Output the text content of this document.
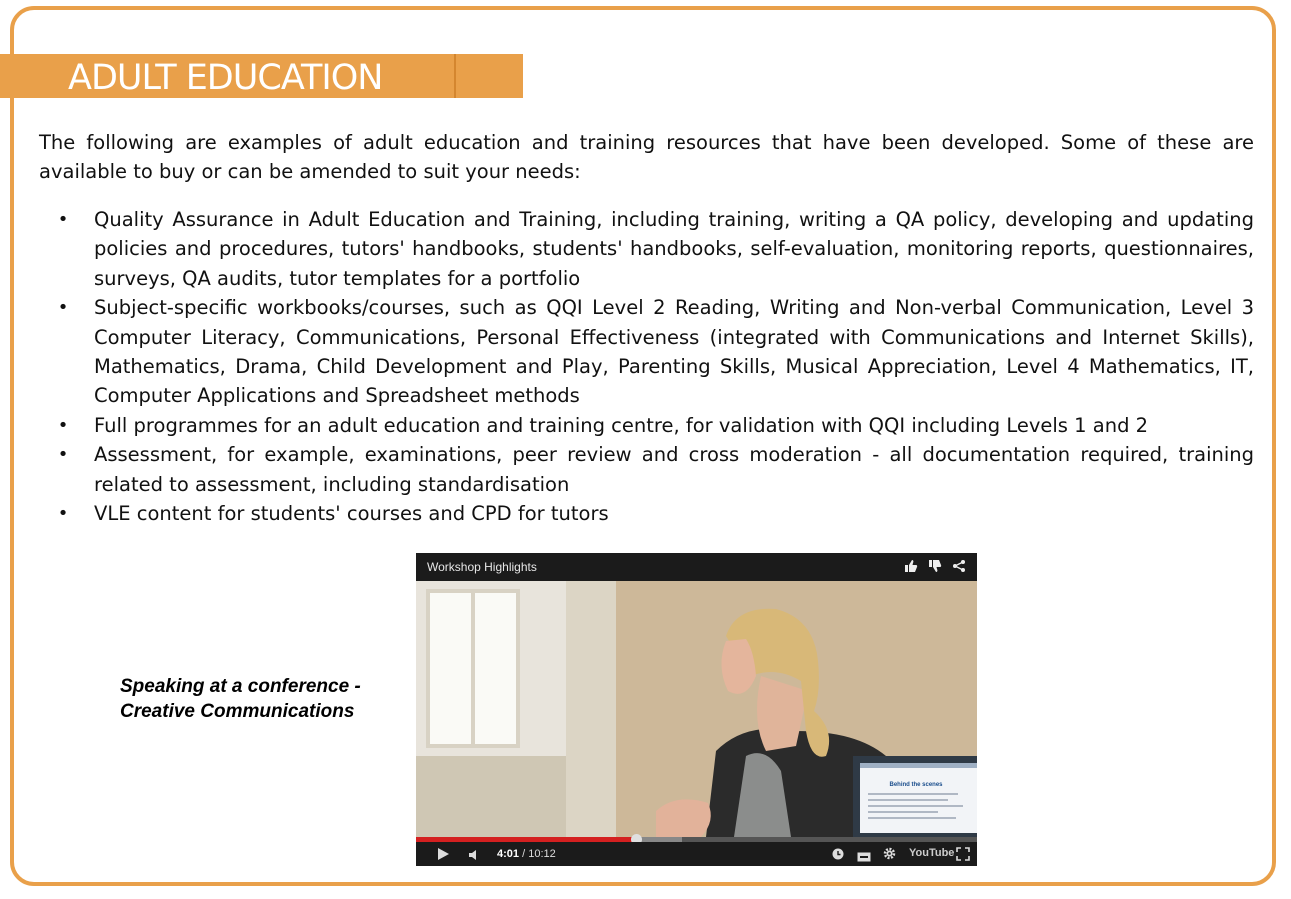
ADULT EDUCATION
The following are examples of adult education and training resources that have been developed. Some of these are available to buy or can be amended to suit your needs:
• Quality Assurance in Adult Education and Training, including training, writing a QA policy, developing and updating policies and procedures, tutors' handbooks, students' handbooks, self-evaluation, monitoring reports, questionnaires, surveys, QA audits, tutor templates for a portfolio
• Subject-specific workbooks/courses, such as QQI Level 2 Reading, Writing and Non-verbal Communication, Level 3 Computer Literacy, Communications, Personal Effectiveness (integrated with Communications and Internet Skills), Mathematics, Drama, Child Development and Play, Parenting Skills, Musical Appreciation, Level 4 Mathematics, IT, Computer Applications and Spreadsheet methods
• Full programmes for an adult education and training centre, for validation with QQI including Levels 1 and 2
• Assessment, for example, examinations, peer review and cross moderation - all documentation required, training related to assessment, including standardisation
• VLE content for students' courses and CPD for tutors
Speaking at a conference -
Creative Communications
Behind the scenes
Workshop Highlights
4:01 / 10:12	YouTube
